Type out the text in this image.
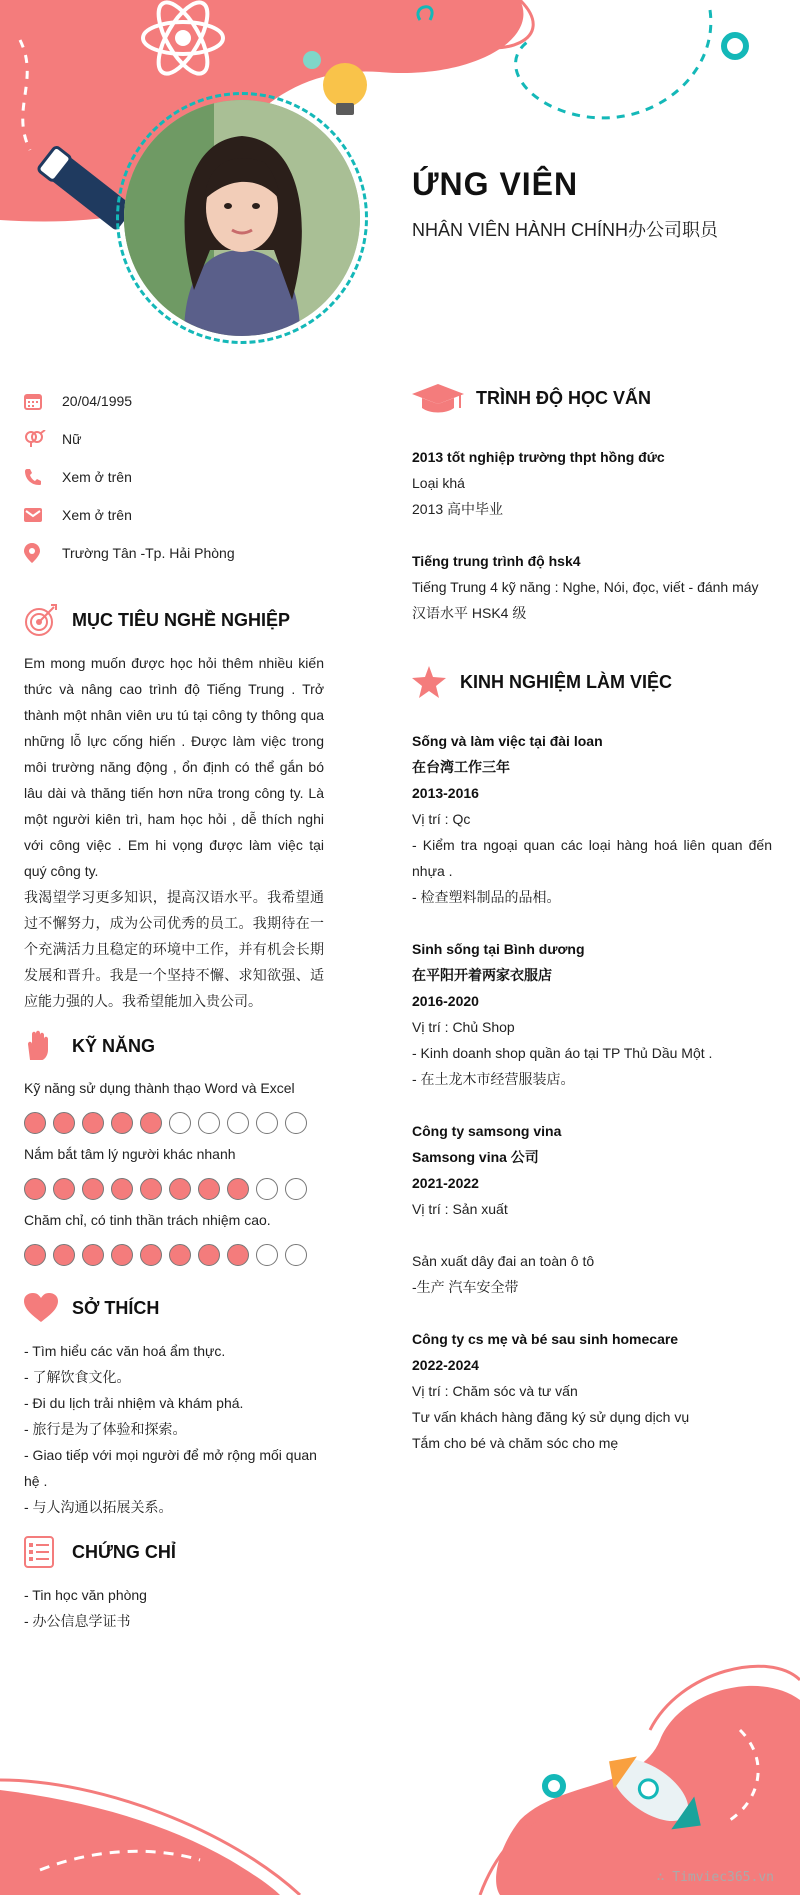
ỨNG VIÊN
NHÂN VIÊN HÀNH CHÍNH办公司职员
20/04/1995
Nữ
Xem ở trên
Xem ở trên
Trường Tân -Tp. Hải Phòng
MỤC TIÊU NGHỀ NGHIỆP

Em mong muốn được học hỏi thêm nhiều kiến thức và nâng cao trình độ Tiếng Trung . Trở thành một nhân viên ưu tú tại công ty thông qua những lỗ lực cống hiến . Được làm việc trong môi trường năng động , ổn định có thể gắn bó lâu dài và thăng tiến hơn nữa trong công ty. Là một người kiên trì, ham học hỏi , dễ thích nghi với công việc . Em hi vọng được làm việc tại quý công ty.

我渴望学习更多知识，提高汉语水平。我希望通过不懈努力，成为公司优秀的员工。我期待在一个充满活力且稳定的环境中工作，并有机会长期发展和晋升。我是一个坚持不懈、求知欲强、适应能力强的人。我希望能加入贵公司。

KỸ NĂNG
Kỹ năng sử dụng thành thạo Word và Excel
Nắm bắt tâm lý người khác nhanh
Chăm chỉ, có tinh thần trách nhiệm cao.
SỞ THÍCH
- Tìm hiểu các văn hoá ẩm thực.
- 了解饮食文化。
- Đi du lịch trải nhiệm và khám phá.
- 旅行是为了体验和探索。
- Giao tiếp với mọi người để mở rộng mối quan hệ .
- 与人沟通以拓展关系。
CHỨNG CHỈ
- Tin học văn phòng
- 办公信息学证书
TRÌNH ĐỘ HỌC VẤN
2013 tốt nghiệp trường thpt hồng đức
Loại khá
2013 高中毕业
Tiếng trung trình độ hsk4
Tiếng Trung 4 kỹ năng : Nghe, Nói, đọc, viết - đánh máy
汉语水平 HSK4 级
KINH NGHIỆM LÀM VIỆC
Sống và làm việc tại đài loan
在台湾工作三年
2013-2016
Vị trí : Qc
- Kiểm tra ngoại quan các loại hàng hoá liên quan đến nhựa .
- 检查塑料制品的品相。
Sinh sống tại Bình dương
在平阳开着两家衣服店
2016-2020
Vị trí : Chủ Shop
- Kinh doanh shop quần áo tại TP Thủ Dầu Một .
- 在土龙木市经营服装店。
Công ty samsong vina
Samsong vina 公司
2021-2022
Vị trí : Sản xuất
Sản xuất dây đai an toàn ô tô
-生产 汽车安全带
Công ty cs mẹ và bé sau sinh homecare
2022-2024
Vị trí : Chăm sóc và tư vấn
Tư vấn khách hàng đăng ký sử dụng dịch vụ
Tắm cho bé và chăm sóc cho mẹ
∴ Timviec365.vn
